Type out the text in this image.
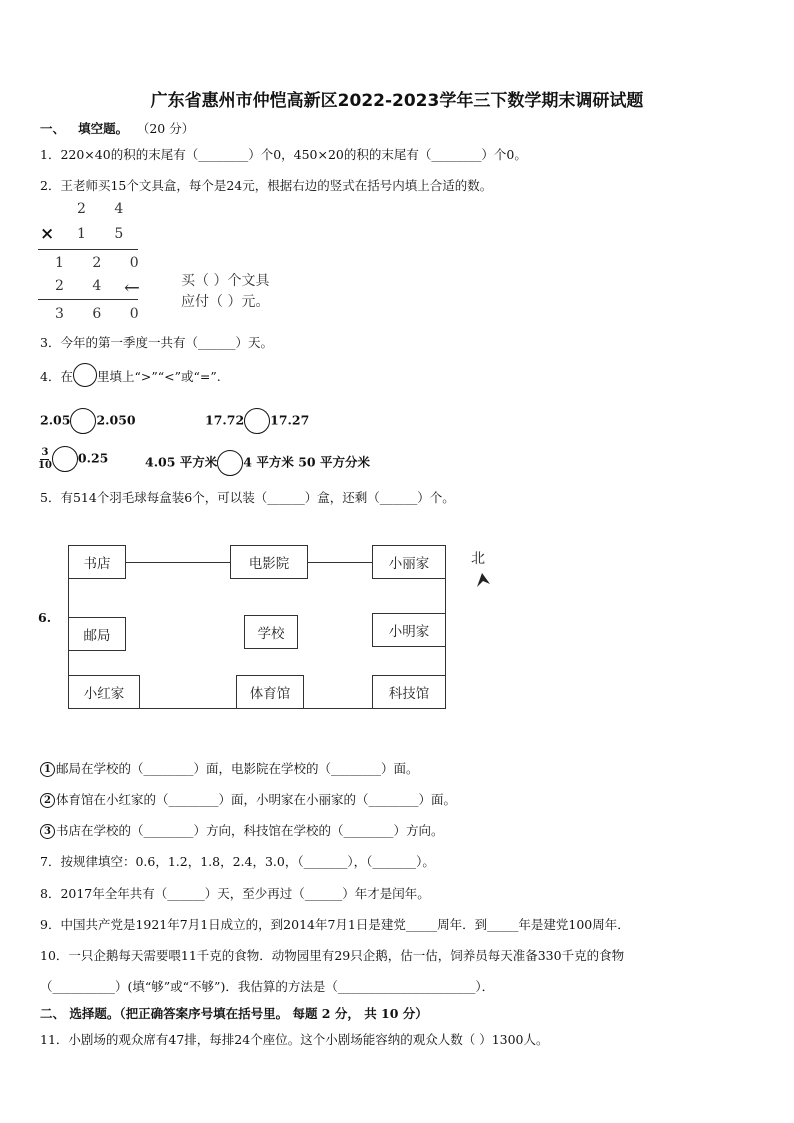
广东省惠州市仲恺高新区2022-2023学年三下数学期末调研试题
一、 填空题。 （20 分）
1．220×40的积的末尾有（________）个0，450×20的积的末尾有（________）个0。
2．王老师买15个文具盒，每个是24元，根据右边的竖式在括号内填上合适的数。
2 4
× 1 5
1 2 0
2 4
3 6 0
←	买（ ）个文具
应付（ ）元。
3．今年的第一季度一共有（______）天。
4．在 里填上“>”“<”或“=”.
2.05 2.050	17.72 17.27
$\frac{3}{10} 0.25$	4.05 平方米 4 平方米 50 平方分米
5．有514个羽毛球每盒装6个，可以装（______）盒，还剩（______）个。
6.
书店	电影院	小丽家
邮局	学校	小明家
小红家	体育馆	科技馆
北
1 邮局在学校的（________）面，电影院在学校的（________）面。
2 体育馆在小红家的（________）面，小明家在小丽家的（________）面。
3 书店在学校的（________）方向，科技馆在学校的（________）方向。
7．按规律填空：0.6，1.2，1.8，2.4，3.0，（_______），（_______）。
8．2017年全年共有（______）天，至少再过（______）年才是闰年。
9．中国共产党是1921年7月1日成立的，到2014年7月1日是建党_____周年．到_____年是建党100周年．
10．一只企鹅每天需要喂11千克的食物．动物园里有29只企鹅，估一估，饲养员每天准备330千克的食物
（__________）(填“够”或“不够”)．我估算的方法是（______________________）．
二、 选择题。（把正确答案序号填在括号里。 每题 2 分， 共 10 分）
11．小剧场的观众席有47排，每排24个座位。这个小剧场能容纳的观众人数（ ）1300人。
